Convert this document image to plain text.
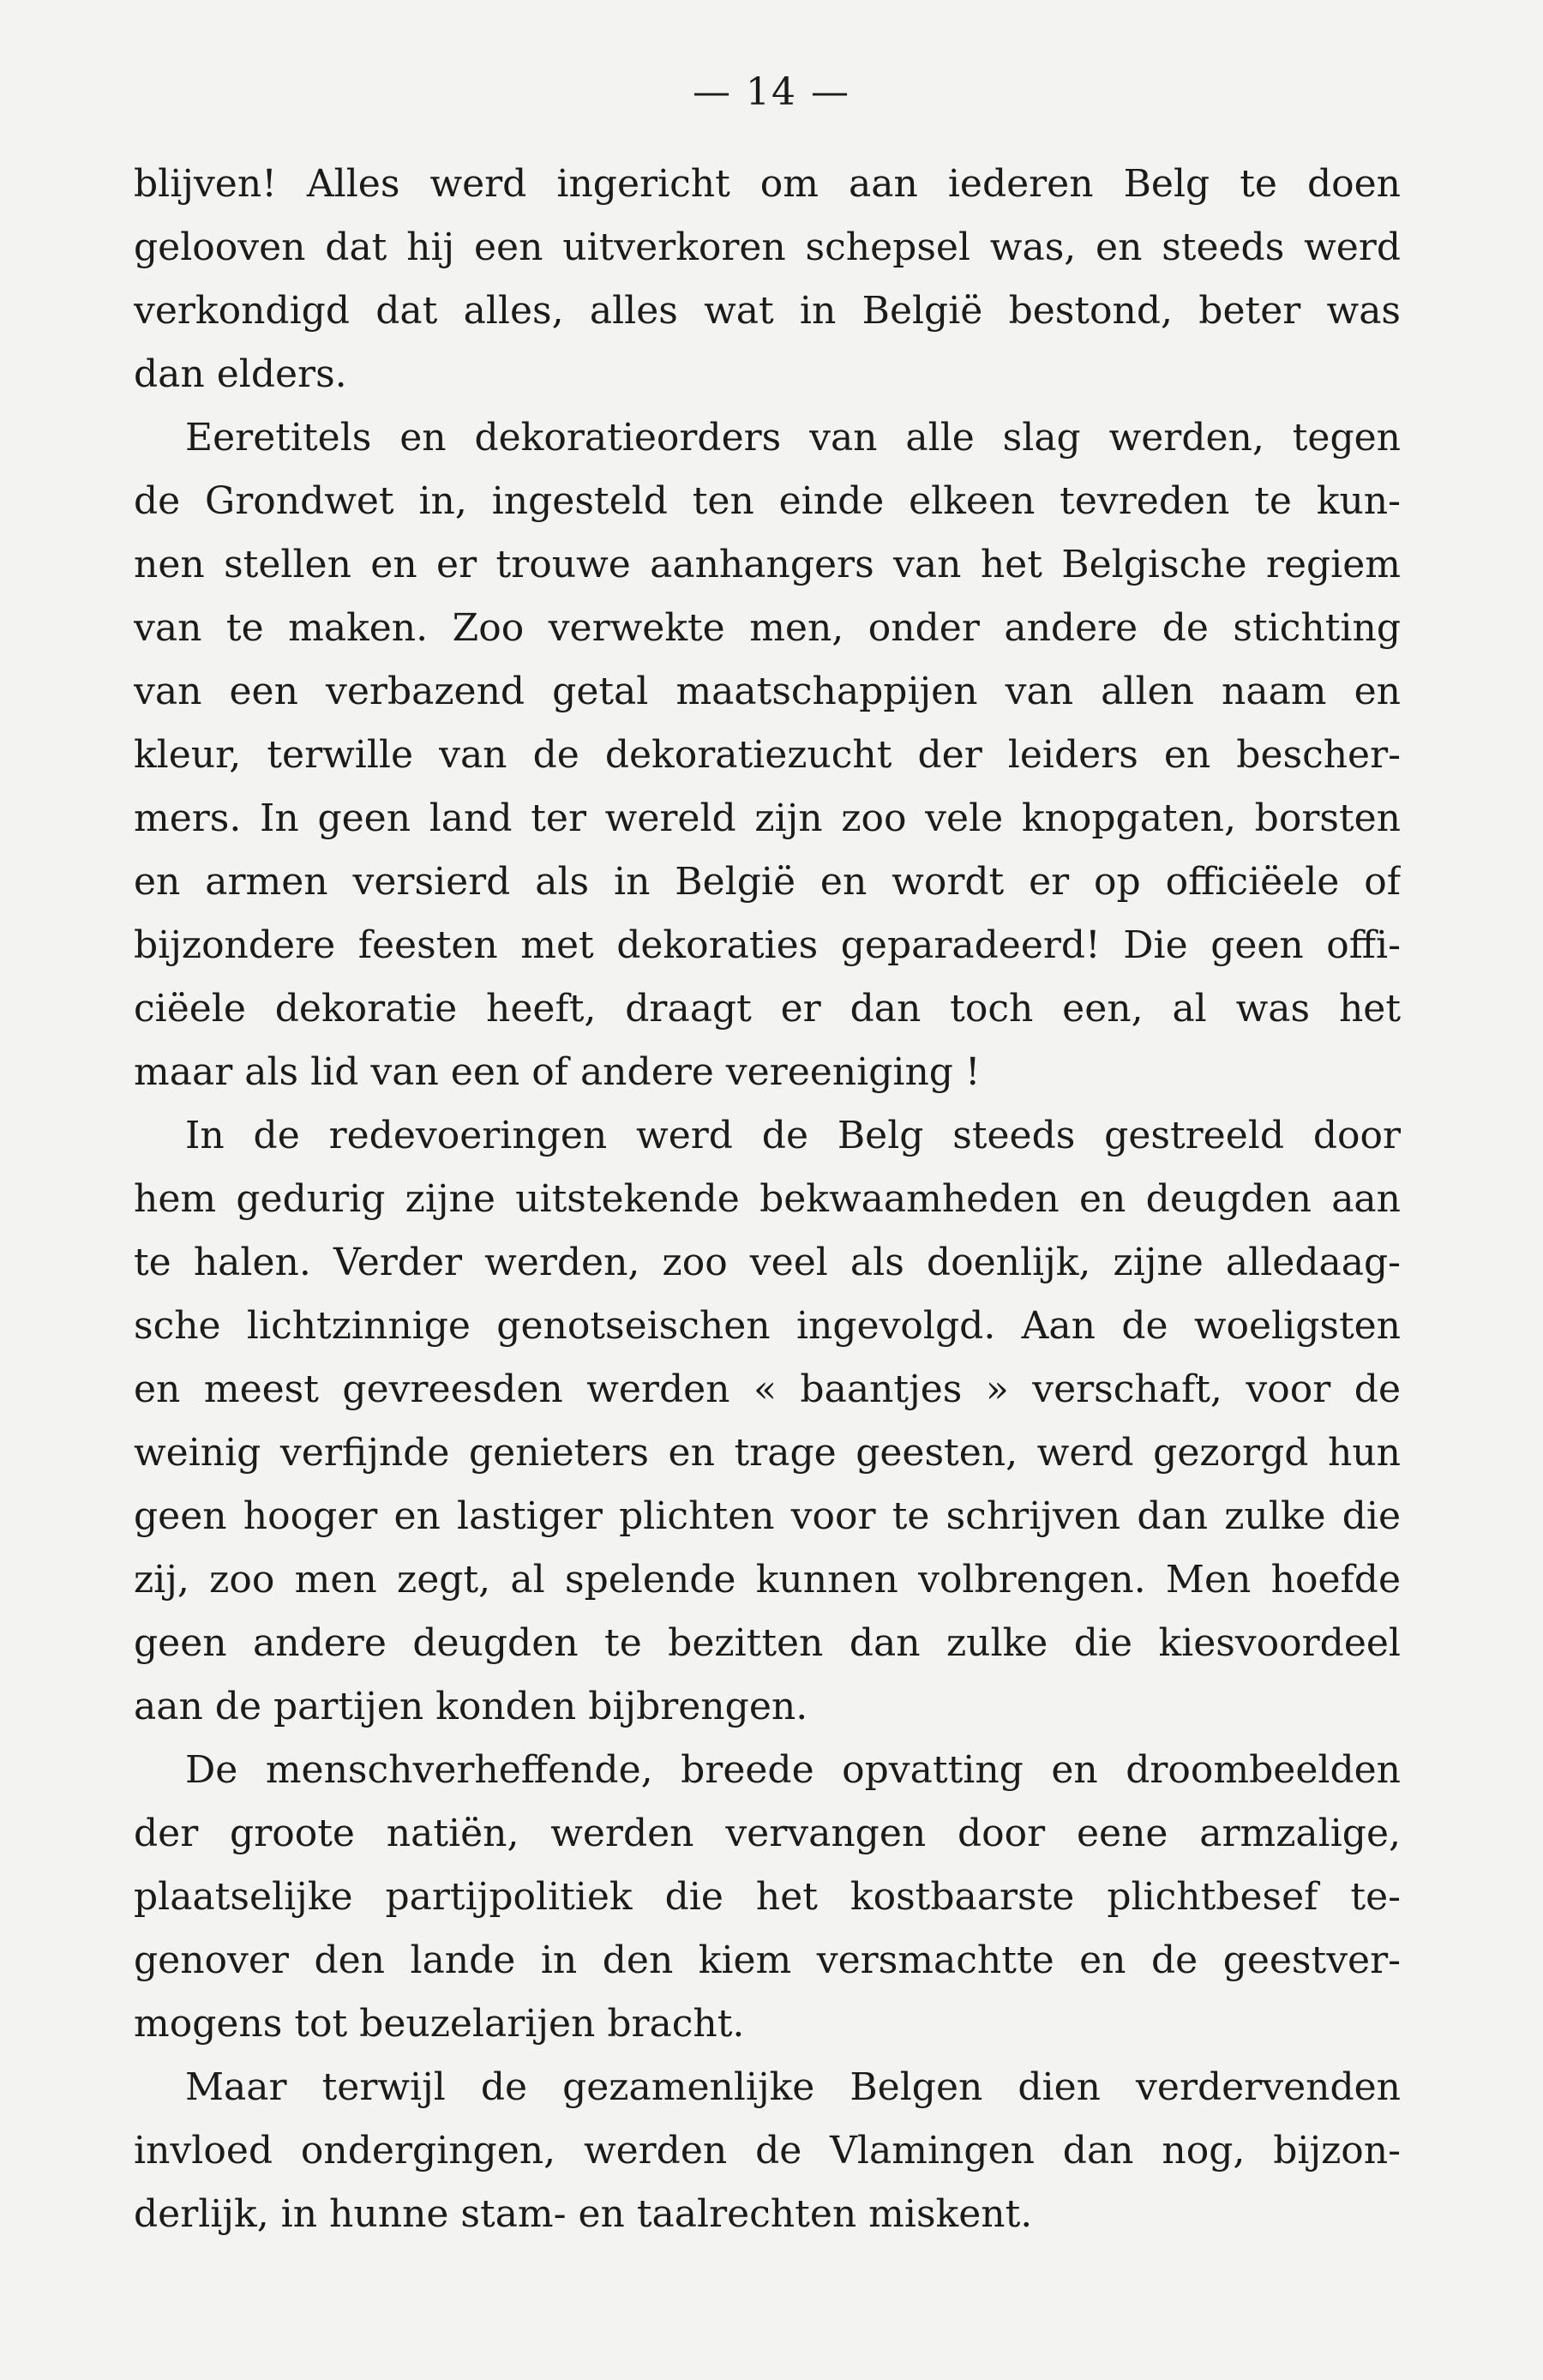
— 14 —
blijven! Alles werd ingericht om aan iederen Belg te doen
gelooven dat hij een uitverkoren schepsel was, en steeds werd
verkondigd dat alles, alles wat in België bestond, beter was
dan elders.
Eeretitels en dekoratieorders van alle slag werden, tegen
de Grondwet in, ingesteld ten einde elkeen tevreden te kun-
nen stellen en er trouwe aanhangers van het Belgische regiem
van te maken. Zoo verwekte men, onder andere de stichting
van een verbazend getal maatschappijen van allen naam en
kleur, terwille van de dekoratiezucht der leiders en bescher-
mers. In geen land ter wereld zijn zoo vele knopgaten, borsten
en armen versierd als in België en wordt er op officiëele of
bijzondere feesten met dekoraties geparadeerd! Die geen offi-
ciëele dekoratie heeft, draagt er dan toch een, al was het
maar als lid van een of andere vereeniging !
In de redevoeringen werd de Belg steeds gestreeld door
hem gedurig zijne uitstekende bekwaamheden en deugden aan
te halen. Verder werden, zoo veel als doenlijk, zijne alledaag-
sche lichtzinnige genotseischen ingevolgd. Aan de woeligsten
en meest gevreesden werden « baantjes » verschaft, voor de
weinig verfijnde genieters en trage geesten, werd gezorgd hun
geen hooger en lastiger plichten voor te schrijven dan zulke die
zij, zoo men zegt, al spelende kunnen volbrengen. Men hoefde
geen andere deugden te bezitten dan zulke die kiesvoordeel
aan de partijen konden bijbrengen.
De menschverheffende, breede opvatting en droombeelden
der groote natiën, werden vervangen door eene armzalige,
plaatselijke partijpolitiek die het kostbaarste plichtbesef te-
genover den lande in den kiem versmachtte en de geestver-
mogens tot beuzelarijen bracht.
Maar terwijl de gezamenlijke Belgen dien verdervenden
invloed ondergingen, werden de Vlamingen dan nog, bijzon-
derlijk, in hunne stam- en taalrechten miskent.
